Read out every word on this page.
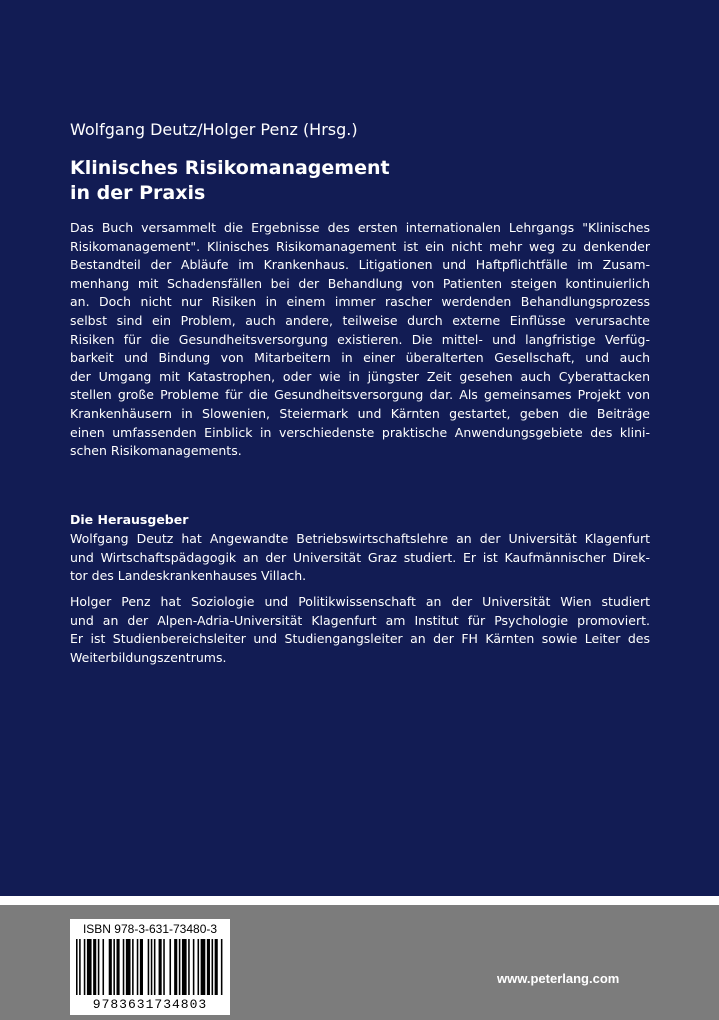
Wolfgang Deutz/Holger Penz (Hrsg.)
Klinisches Risikomanagement
in der Praxis
Das Buch versammelt die Ergebnisse des ersten internationalen Lehrgangs "Klinisches
Risikomanagement". Klinisches Risikomanagement ist ein nicht mehr weg zu denkender
Bestandteil der Abläufe im Krankenhaus. Litigationen und Haftpflichtfälle im Zusam-
menhang mit Schadensfällen bei der Behandlung von Patienten steigen kontinuierlich
an. Doch nicht nur Risiken in einem immer rascher werdenden Behandlungsprozess
selbst sind ein Problem, auch andere, teilweise durch externe Einflüsse verursachte
Risiken für die Gesundheitsversorgung existieren. Die mittel- und langfristige Verfüg-
barkeit und Bindung von Mitarbeitern in einer überalterten Gesellschaft, und auch
der Umgang mit Katastrophen, oder wie in jüngster Zeit gesehen auch Cyberattacken
stellen große Probleme für die Gesundheitsversorgung dar. Als gemeinsames Projekt von
Krankenhäusern in Slowenien, Steiermark und Kärnten gestartet, geben die Beiträge
einen umfassenden Einblick in verschiedenste praktische Anwendungsgebiete des klini-
schen Risikomanagements.
Die Herausgeber
Wolfgang Deutz hat Angewandte Betriebswirtschaftslehre an der Universität Klagenfurt
und Wirtschaftspädagogik an der Universität Graz studiert. Er ist Kaufmännischer Direk-
tor des Landeskrankenhauses Villach.
Holger Penz hat Soziologie und Politikwissenschaft an der Universität Wien studiert
und an der Alpen-Adria-Universität Klagenfurt am Institut für Psychologie promoviert.
Er ist Studienbereichsleiter und Studiengangsleiter an der FH Kärnten sowie Leiter des
Weiterbildungszentrums.
ISBN 978-3-631-73480-3
9783631734803
www.peterlang.com
